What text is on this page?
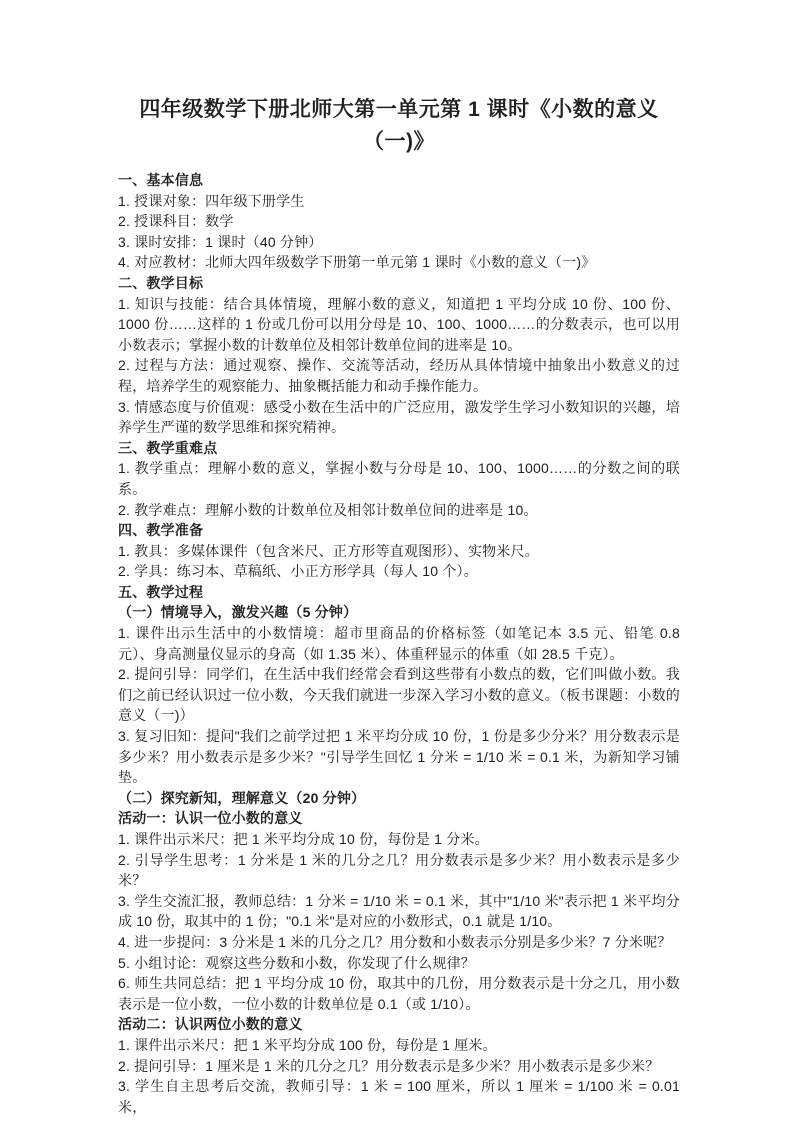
四年级数学下册北师大第一单元第 1 课时《小数的意义（一)》

一、基本信息

1. 授课对象：四年级下册学生

2. 授课科目：数学

3. 课时安排：1 课时（40 分钟）

4. 对应教材：北师大四年级数学下册第一单元第 1 课时《小数的意义（一)》

二、教学目标

1. 知识与技能：结合具体情境，理解小数的意义，知道把 1 平均分成 10 份、100 份、1000 份……这样的 1 份或几份可以用分母是 10、100、1000……的分数表示，也可以用小数表示；掌握小数的计数单位及相邻计数单位间的进率是 10。

2. 过程与方法：通过观察、操作、交流等活动，经历从具体情境中抽象出小数意义的过程，培养学生的观察能力、抽象概括能力和动手操作能力。

3. 情感态度与价值观：感受小数在生活中的广泛应用，激发学生学习小数知识的兴趣，培养学生严谨的数学思维和探究精神。

三、教学重难点

1. 教学重点：理解小数的意义，掌握小数与分母是 10、100、1000……的分数之间的联系。

2. 教学难点：理解小数的计数单位及相邻计数单位间的进率是 10。

四、教学准备

1. 教具：多媒体课件（包含米尺、正方形等直观图形）、实物米尺。

2. 学具：练习本、草稿纸、小正方形学具（每人 10 个）。

五、教学过程

（一）情境导入，激发兴趣（5 分钟）

1. 课件出示生活中的小数情境：超市里商品的价格标签（如笔记本 3.5 元、铅笔 0.8 元）、身高测量仪显示的身高（如 1.35 米）、体重秤显示的体重（如 28.5 千克）。

2. 提问引导：同学们，在生活中我们经常会看到这些带有小数点的数，它们叫做小数。我们之前已经认识过一位小数，今天我们就进一步深入学习小数的意义。（板书课题：小数的意义（一)）

3. 复习旧知：提问"我们之前学过把 1 米平均分成 10 份，1 份是多少分米？用分数表示是多少米？用小数表示是多少米？"引导学生回忆 1 分米 = 1/10 米 = 0.1 米，为新知学习铺垫。

（二）探究新知，理解意义（20 分钟）

活动一：认识一位小数的意义

1. 课件出示米尺：把 1 米平均分成 10 份，每份是 1 分米。

2. 引导学生思考：1 分米是 1 米的几分之几？用分数表示是多少米？用小数表示是多少米？

3. 学生交流汇报，教师总结：1 分米 = 1/10 米 = 0.1 米，其中"1/10 米"表示把 1 米平均分成 10 份，取其中的 1 份；"0.1 米"是对应的小数形式，0.1 就是 1/10。

4. 进一步提问：3 分米是 1 米的几分之几？用分数和小数表示分别是多少米？7 分米呢？

5. 小组讨论：观察这些分数和小数，你发现了什么规律？

6. 师生共同总结：把 1 平均分成 10 份，取其中的几份，用分数表示是十分之几，用小数表示是一位小数，一位小数的计数单位是 0.1（或 1/10）。

活动二：认识两位小数的意义

1. 课件出示米尺：把 1 米平均分成 100 份，每份是 1 厘米。

2. 提问引导：1 厘米是 1 米的几分之几？用分数表示是多少米？用小数表示是多少米？

3. 学生自主思考后交流，教师引导：1 米 = 100 厘米，所以 1 厘米 = 1/100 米 = 0.01 米，
